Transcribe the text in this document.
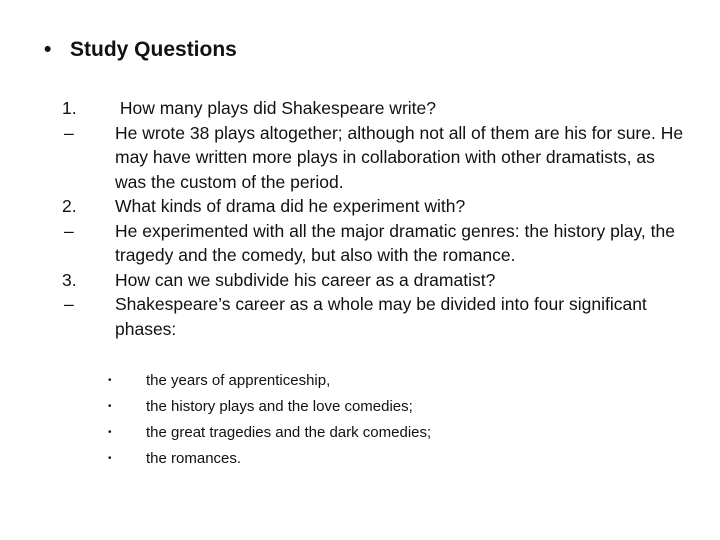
• Study Questions
1.	How many plays did Shakespeare write?
–	He wrote 38 plays altogether; although not all of them are his for sure. He may have written more plays in collaboration with other dramatists, as was the custom of the period.
2.	What kinds of drama did he experiment with?
–	He experimented with all the major dramatic genres: the history play, the tragedy and the comedy, but also with the romance.
3.	How can we subdivide his career as a dramatist?
–	Shakespeare’s career as a whole may be divided into four significant phases:
•	the years of apprenticeship,
•	the history plays and the love comedies;
•	the great tragedies and the dark comedies;
•	the romances.
